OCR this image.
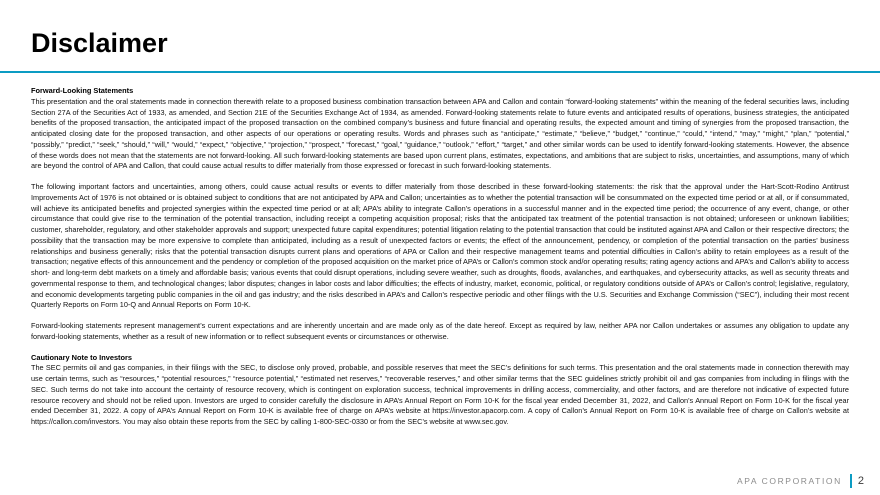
Disclaimer
Forward-Looking Statements

This presentation and the oral statements made in connection therewith relate to a proposed business combination transaction between APA and Callon and contain “forward-looking statements” within the meaning of the federal securities laws, including Section 27A of the Securities Act of 1933, as amended, and Section 21E of the Securities Exchange Act of 1934, as amended. Forward-looking statements relate to future events and anticipated results of operations, business strategies, the anticipated benefits of the proposed transaction, the anticipated impact of the proposed transaction on the combined company’s business and future financial and operating results, the expected amount and timing of synergies from the proposed transaction, the anticipated closing date for the proposed transaction, and other aspects of our operations or operating results. Words and phrases such as “anticipate,” “estimate,” “believe,” “budget,” “continue,” “could,” “intend,” “may,” “might,” “plan,” “potential,” “possibly,” “predict,” “seek,” “should,” “will,” “would,” “expect,” “objective,” “projection,” “prospect,” “forecast,” “goal,” “guidance,” “outlook,” “effort,” “target,” and other similar words can be used to identify forward-looking statements. However, the absence of these words does not mean that the statements are not forward-looking. All such forward-looking statements are based upon current plans, estimates, expectations, and ambitions that are subject to risks, uncertainties, and assumptions, many of which are beyond the control of APA and Callon, that could cause actual results to differ materially from those expressed or forecast in such forward-looking statements.

The following important factors and uncertainties, among others, could cause actual results or events to differ materially from those described in these forward-looking statements: the risk that the approval under the Hart-Scott-Rodino Antitrust Improvements Act of 1976 is not obtained or is obtained subject to conditions that are not anticipated by APA and Callon; uncertainties as to whether the potential transaction will be consummated on the expected time period or at all, or if consummated, will achieve its anticipated benefits and projected synergies within the expected time period or at all; APA’s ability to integrate Callon’s operations in a successful manner and in the expected time period; the occurrence of any event, change, or other circumstance that could give rise to the termination of the potential transaction, including receipt a competing acquisition proposal; risks that the anticipated tax treatment of the potential transaction is not obtained; unforeseen or unknown liabilities; customer, shareholder, regulatory, and other stakeholder approvals and support; unexpected future capital expenditures; potential litigation relating to the potential transaction that could be instituted against APA and Callon or their respective directors; the possibility that the transaction may be more expensive to complete than anticipated, including as a result of unexpected factors or events; the effect of the announcement, pendency, or completion of the potential transaction on the parties’ business relationships and business generally; risks that the potential transaction disrupts current plans and operations of APA or Callon and their respective management teams and potential difficulties in Callon’s ability to retain employees as a result of the transaction; negative effects of this announcement and the pendency or completion of the proposed acquisition on the market price of APA’s or Callon’s common stock and/or operating results; rating agency actions and APA’s and Callon’s ability to access short- and long-term debt markets on a timely and affordable basis; various events that could disrupt operations, including severe weather, such as droughts, floods, avalanches, and earthquakes, and cybersecurity attacks, as well as security threats and governmental response to them, and technological changes; labor disputes; changes in labor costs and labor difficulties; the effects of industry, market, economic, political, or regulatory conditions outside of APA’s or Callon’s control; legislative, regulatory, and economic developments targeting public companies in the oil and gas industry; and the risks described in APA’s and Callon’s respective periodic and other filings with the U.S. Securities and Exchange Commission (“SEC”), including their most recent Quarterly Reports on Form 10-Q and Annual Reports on Form 10-K.

Forward-looking statements represent management’s current expectations and are inherently uncertain and are made only as of the date hereof. Except as required by law, neither APA nor Callon undertakes or assumes any obligation to update any forward-looking statements, whether as a result of new information or to reflect subsequent events or circumstances or otherwise.

Cautionary Note to Investors

The SEC permits oil and gas companies, in their filings with the SEC, to disclose only proved, probable, and possible reserves that meet the SEC’s definitions for such terms. This presentation and the oral statements made in connection therewith may use certain terms, such as “resources,” “potential resources,” “resource potential,” “estimated net reserves,” “recoverable reserves,” and other similar terms that the SEC guidelines strictly prohibit oil and gas companies from including in filings with the SEC. Such terms do not take into account the certainty of resource recovery, which is contingent on exploration success, technical improvements in drilling access, commerciality, and other factors, and are therefore not indicative of expected future resource recovery and should not be relied upon. Investors are urged to consider carefully the disclosure in APA’s Annual Report on Form 10-K for the fiscal year ended December 31, 2022, and Callon’s Annual Report on Form 10-K for the fiscal year ended December 31, 2022. A copy of APA’s Annual Report on Form 10-K is available free of charge on APA’s website at https://investor.apacorp.com. A copy of Callon’s Annual Report on Form 10-K is available free of charge on Callon’s website at https://callon.com/investors. You may also obtain these reports from the SEC by calling 1-800-SEC-0330 or from the SEC’s website at www.sec.gov.

APA CORPORATION 2
